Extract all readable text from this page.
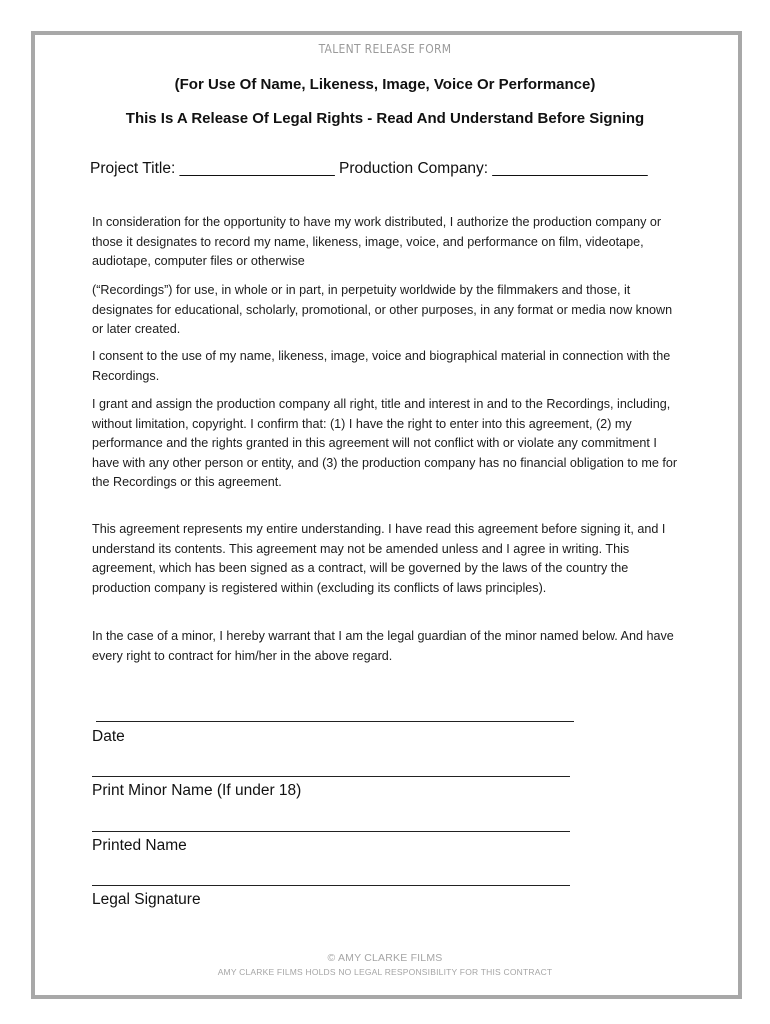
TALENT RELEASE FORM
(For Use Of Name, Likeness, Image, Voice Or Performance)
This Is A Release Of Legal Rights - Read And Understand Before Signing
Project Title: __________________ Production Company: __________________

In consideration for the opportunity to have my work distributed, I authorize the production company or those it designates to record my name, likeness, image, voice, and performance on film, videotape, audiotape, computer files or otherwise

(“Recordings”) for use, in whole or in part, in perpetuity worldwide by the filmmakers and those, it designates for educational, scholarly, promotional, or other purposes, in any format or media now known or later created.

I consent to the use of my name, likeness, image, voice and biographical material in connection with the Recordings.

I grant and assign the production company all right, title and interest in and to the Recordings, including, without limitation, copyright. I confirm that: (1) I have the right to enter into this agreement, (2) my performance and the rights granted in this agreement will not conflict with or violate any commitment I have with any other person or entity, and (3) the production company has no financial obligation to me for the Recordings or this agreement.

This agreement represents my entire understanding. I have read this agreement before signing it, and I understand its contents. This agreement may not be amended unless and I agree in writing. This agreement, which has been signed as a contract, will be governed by the laws of the country the production company is registered within (excluding its conflicts of laws principles).

In the case of a minor, I hereby warrant that I am the legal guardian of the minor named below. And have every right to contract for him/her in the above regard.

Date
Print Minor Name (If under 18)
Printed Name
Legal Signature
© AMY CLARKE FILMS
AMY CLARKE FILMS HOLDS NO LEGAL RESPONSIBILITY FOR THIS CONTRACT
